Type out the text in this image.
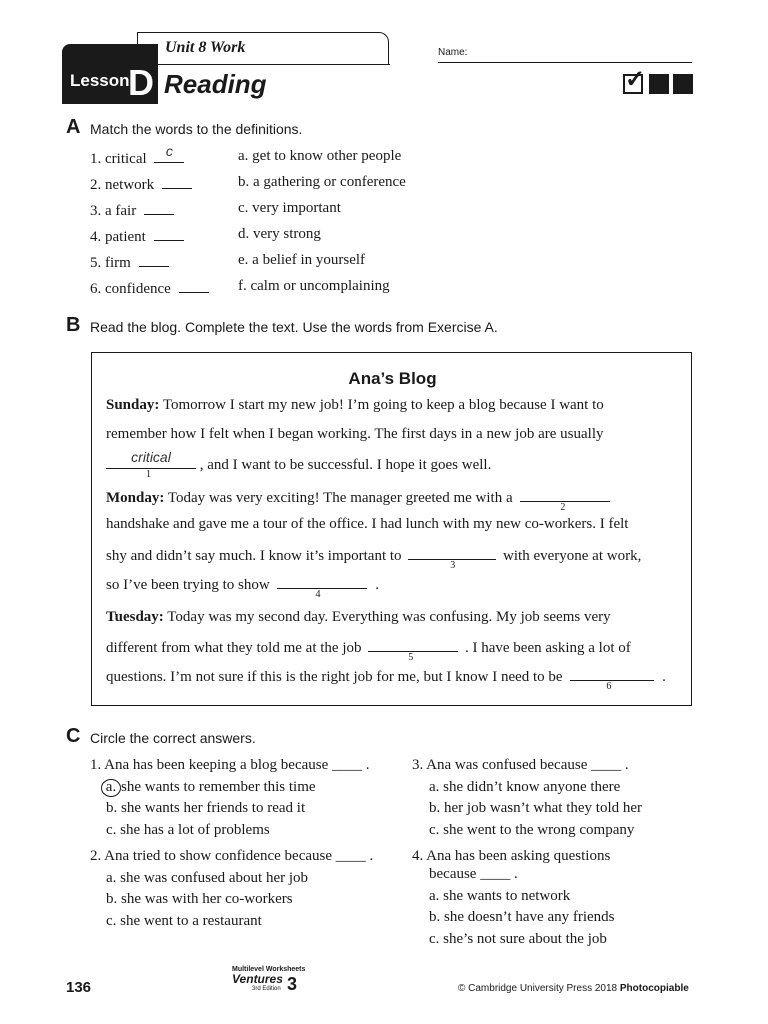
Unit 8 Work
Lesson
D Reading
Name:
✓
A Match the words to the definitions.
1. critical	c
2. network
3. a fair
4. patient
5. firm
6. confidence
a. get to know other people
b. a gathering or conference
c. very important
d. very strong
e. a belief in yourself
f. calm or uncomplaining
B Read the blog. Complete the text. Use the words from Exercise A.
Ana’s Blog
Sunday: Tomorrow I start my new job! I’m going to keep a blog because I want to
remember how I felt when I began working. The first days in a new job are usually
critical
1
, and I want to be successful. I hope it goes well.
Monday: Today was very exciting! The manager greeted me with a
2
handshake and gave me a tour of the office. I had lunch with my new co-workers. I felt
shy and didn’t say much. I know it’s important to
3
with everyone at work,
so I’ve been trying to show
4
.
Tuesday: Today was my second day. Everything was confusing. My job seems very
different from what they told me at the job
5
. I have been asking a lot of
questions. I’m not sure if this is the right job for me, but I know I need to be
6
.
C Circle the correct answers.
1. Ana has been keeping a blog because ____ .
a. she wants to remember this time
b. she wants her friends to read it
c. she has a lot of problems
2. Ana tried to show confidence because ____ .
a. she was confused about her job
b. she was with her co-workers
c. she went to a restaurant
3. Ana was confused because ____ .
a. she didn’t know anyone there
b. her job wasn’t what they told her
c. she went to the wrong company
4. Ana has been asking questions
because ____ .
a. she wants to network
b. she doesn’t have any friends
c. she’s not sure about the job
136
Multilevel Worksheets
Ventures
3rd Edition 3	© Cambridge University Press 2018 Photocopiable
